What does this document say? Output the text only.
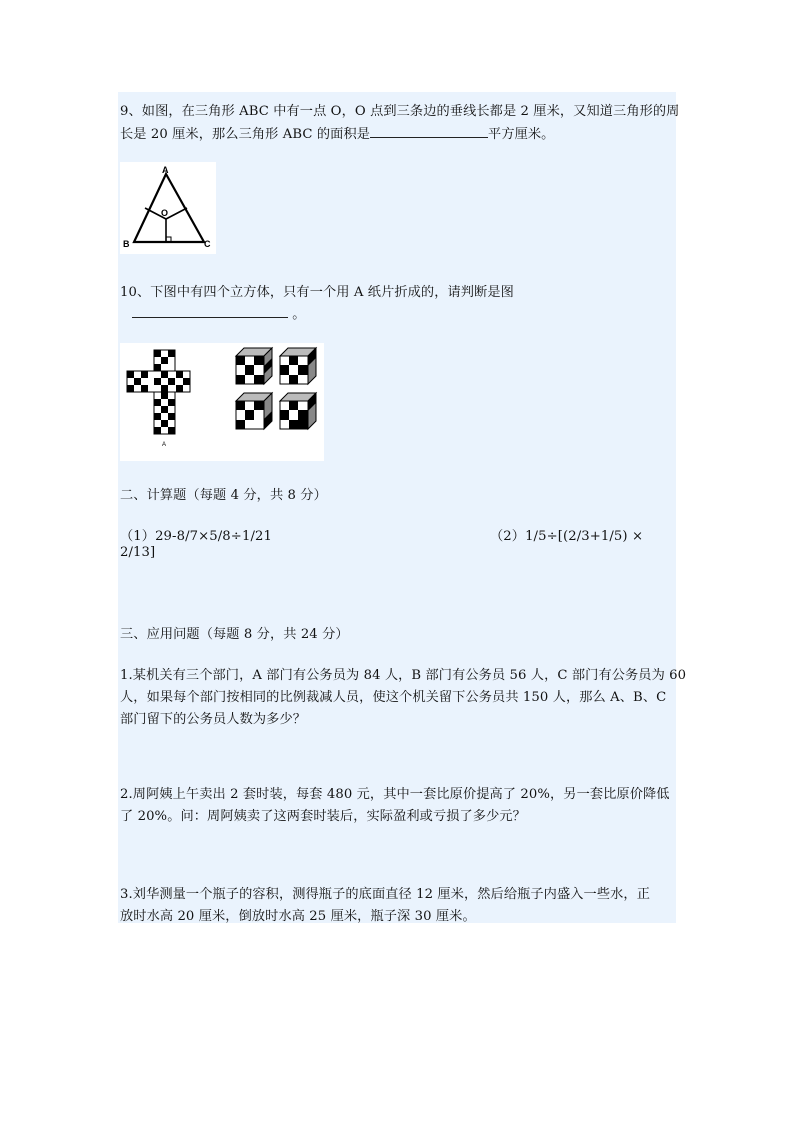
9、如图，在三角形 ABC 中有一点 O，O 点到三条边的垂线长都是 2 厘米，又知道三角形的周
长是 20 厘米，那么三角形 ABC 的面积是	平方厘米。
A
B	C
O
10、下图中有四个立方体，只有一个用 A 纸片折成的，请判断是图
。
A
二、计算题（每题 4 分，共 8 分）
（1）29-8/7×5/8÷1/21	（2）1/5÷[(2/3+1/5) ×
2/13]
三、应用问题（每题 8 分，共 24 分）
1.某机关有三个部门，A 部门有公务员为 84 人，B 部门有公务员 56 人，C 部门有公务员为 60
人，如果每个部门按相同的比例裁减人员，使这个机关留下公务员共 150 人，那么 A、B、C
部门留下的公务员人数为多少？
2.周阿姨上午卖出 2 套时装，每套 480 元，其中一套比原价提高了 20%，另一套比原价降低
了 20%。问：周阿姨卖了这两套时装后，实际盈利或亏损了多少元？
3.刘华测量一个瓶子的容积，测得瓶子的底面直径 12 厘米，然后给瓶子内盛入一些水，正
放时水高 20 厘米，倒放时水高 25 厘米，瓶子深 30 厘米。
